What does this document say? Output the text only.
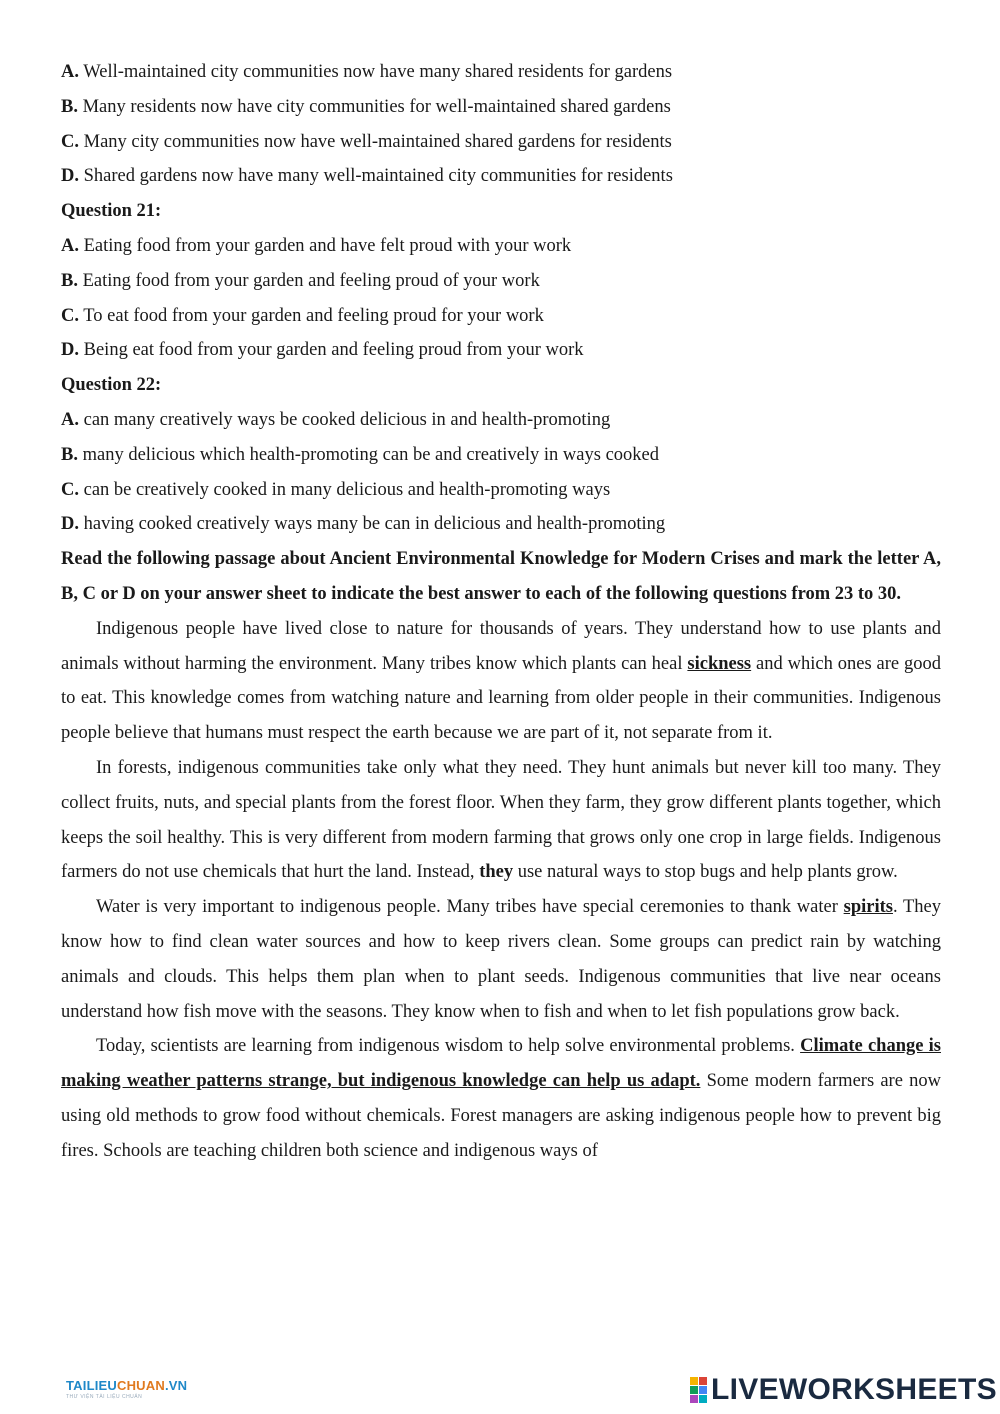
A. Well-maintained city communities now have many shared residents for gardens
B. Many residents now have city communities for well-maintained shared gardens
C. Many city communities now have well-maintained shared gardens for residents
D. Shared gardens now have many well-maintained city communities for residents
Question 21:
A. Eating food from your garden and have felt proud with your work
B. Eating food from your garden and feeling proud of your work
C. To eat food from your garden and feeling proud for your work
D. Being eat food from your garden and feeling proud from your work
Question 22:
A. can many creatively ways be cooked delicious in and health-promoting
B. many delicious which health-promoting can be and creatively in ways cooked
C. can be creatively cooked in many delicious and health-promoting ways
D. having cooked creatively ways many be can in delicious and health-promoting
Read the following passage about Ancient Environmental Knowledge for Modern Crises and mark the letter A, B, C or D on your answer sheet to indicate the best answer to each of the following questions from 23 to 30.

Indigenous people have lived close to nature for thousands of years. They understand how to use plants and animals without harming the environment. Many tribes know which plants can heal sickness and which ones are good to eat. This knowledge comes from watching nature and learning from older people in their communities. Indigenous people believe that humans must respect the earth because we are part of it, not separate from it.

In forests, indigenous communities take only what they need. They hunt animals but never kill too many. They collect fruits, nuts, and special plants from the forest floor. When they farm, they grow different plants together, which keeps the soil healthy. This is very different from modern farming that grows only one crop in large fields. Indigenous farmers do not use chemicals that hurt the land. Instead, they use natural ways to stop bugs and help plants grow.

Water is very important to indigenous people. Many tribes have special ceremonies to thank water spirits. They know how to find clean water sources and how to keep rivers clean. Some groups can predict rain by watching animals and clouds. This helps them plan when to plant seeds. Indigenous communities that live near oceans understand how fish move with the seasons. They know when to fish and when to let fish populations grow back.

Today, scientists are learning from indigenous wisdom to help solve environmental problems. Climate change is making weather patterns strange, but indigenous knowledge can help us adapt. Some modern farmers are now using old methods to grow food without chemicals. Forest managers are asking indigenous people how to prevent big fires. Schools are teaching children both science and indigenous ways of

TAILIEUCHUAN.VN
THƯ VIỆN TÀI LIỆU CHUẨN	LIVEWORKSHEETS
